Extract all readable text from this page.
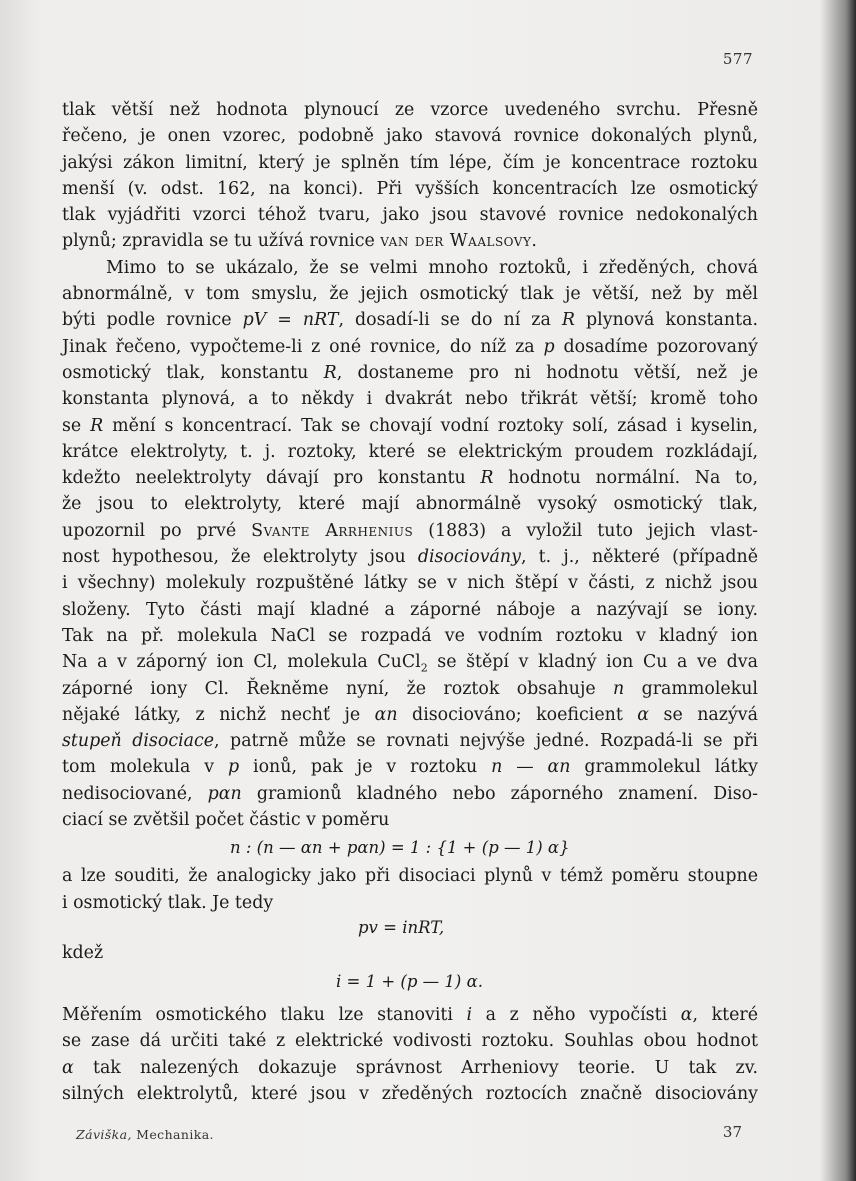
577
tlak větší než hodnota plynoucí ze vzorce uvedeného svrchu. Přesně
řečeno, je onen vzorec, podobně jako stavová rovnice dokonalých plynů,
jakýsi zákon limitní, který je splněn tím lépe, čím je koncentrace roztoku
menší (v. odst. 162, na konci). Při vyšších koncentracích lze osmotický
tlak vyjádřiti vzorci téhož tvaru, jako jsou stavové rovnice nedokonalých
plynů; zpravidla se tu užívá rovnice van der Waalsovy.
Mimo to se ukázalo, že se velmi mnoho roztoků, i zředěných, chová
abnormálně, v tom smyslu, že jejich osmotický tlak je větší, než by měl
býti podle rovnice pV = nRT, dosadí-li se do ní za R plynová konstanta.
Jinak řečeno, vypočteme-li z oné rovnice, do níž za p dosadíme pozorovaný
osmotický tlak, konstantu R, dostaneme pro ni hodnotu větší, než je
konstanta plynová, a to někdy i dvakrát nebo třikrát větší; kromě toho
se R mění s koncentrací. Tak se chovají vodní roztoky solí, zásad i kyselin,
krátce elektrolyty, t. j. roztoky, které se elektrickým proudem rozkládají,
kdežto neelektrolyty dávají pro konstantu R hodnotu normální. Na to,
že jsou to elektrolyty, které mají abnormálně vysoký osmotický tlak,
upozornil po prvé Svante Arrhenius (1883) a vyložil tuto jejich vlast-
nost hypothesou, že elektrolyty jsou disociovány, t. j., některé (případně
i všechny) molekuly rozpuštěné látky se v nich štěpí v části, z nichž jsou
složeny. Tyto části mají kladné a záporné náboje a nazývají se iony.
Tak na př. molekula NaCl se rozpadá ve vodním roztoku v kladný ion
Na a v záporný ion Cl, molekula CuCl$_2$ se štěpí v kladný ion Cu a ve dva
záporné iony Cl. Řekněme nyní, že roztok obsahuje n grammolekul
nějaké látky, z nichž nechť je αn disociováno; koeficient α se nazývá
stupeň disociace, patrně může se rovnati nejvýše jedné. Rozpadá-li se při
tom molekula v p ionů, pak je v roztoku n — αn grammolekul látky
nedisociované, pαn gramionů kladného nebo záporného znamení. Diso-
ciací se zvětšil počet částic v poměru
n : (n — αn + pαn) = 1 : {1 + (p — 1) α}
a lze souditi, že analogicky jako při disociaci plynů v témž poměru stoupne
i osmotický tlak. Je tedy
pv = inRT,
kdež
i = 1 + (p — 1) α.
Měřením osmotického tlaku lze stanoviti i a z něho vypočísti α, které
se zase dá určiti také z elektrické vodivosti roztoku. Souhlas obou hodnot
α tak nalezených dokazuje správnost Arrheniovy teorie. U tak zv.
silných elektrolytů, které jsou v zředěných roztocích značně disociovány
Záviška, Mechanika.	37
